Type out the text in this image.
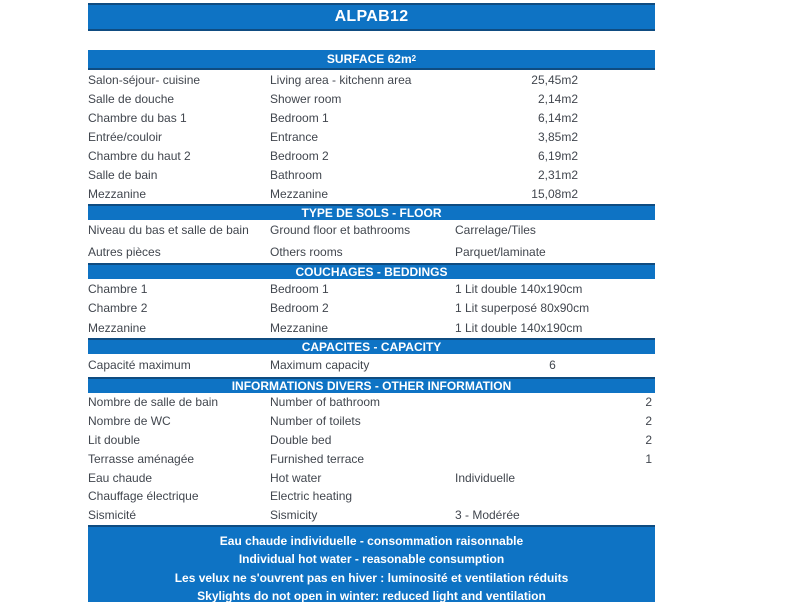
ALPAB12
SURFACE 62m 2
Salon-séjour- cuisine	Living area - kitchenn area	25,45m2
Salle de douche	Shower room	2,14m2
Chambre du bas 1	Bedroom 1	6,14m2
Entrée/couloir	Entrance	3,85m2
Chambre du haut 2	Bedroom 2	6,19m2
Salle de bain	Bathroom	2,31m2
Mezzanine	Mezzanine	15,08m2
TYPE DE SOLS - FLOOR
Niveau du bas et salle de bain	Ground floor et bathrooms	Carrelage/Tiles
Autres pièces	Others rooms	Parquet/laminate
COUCHAGES - BEDDINGS
Chambre 1	Bedroom 1	1 Lit double 140x190cm
Chambre 2	Bedroom 2	1 Lit superposé 80x90cm
Mezzanine	Mezzanine	1 Lit double 140x190cm
CAPACITES - CAPACITY
Capacité maximum	Maximum capacity	6
INFORMATIONS DIVERS - OTHER INFORMATION
Nombre de salle de bain	Number of bathroom	2
Nombre de WC	Number of toilets	2
Lit double	Double bed	2
Terrasse aménagée	Furnished terrace	1
Eau chaude	Hot water	Individuelle
Chauffage électrique	Electric heating
Sismicité	Sismicity	3 - Modérée
Eau chaude individuelle - consommation raisonnable
Individual hot water - reasonable consumption
Les velux ne s'ouvrent pas en hiver : luminosité et ventilation réduits
Skylights do not open in winter: reduced light and ventilation
